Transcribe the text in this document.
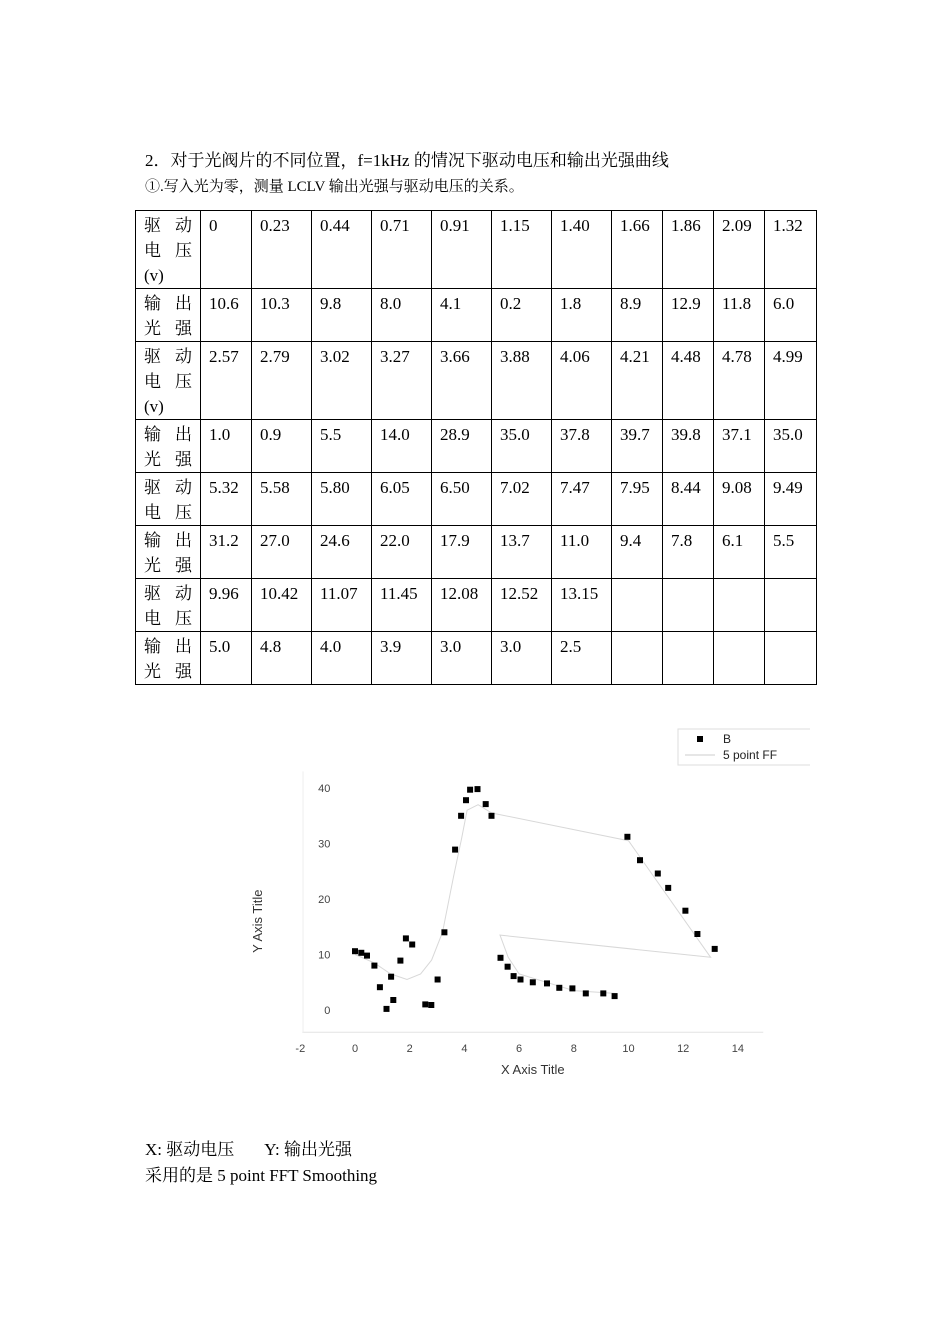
2．对于光阀片的不同位置，f=1kHz 的情况下驱动电压和输出光强曲线
①.写入光为零，测量 LCLV 输出光强与驱动电压的关系。
驱动电压(v)	0	0.23	0.44	0.71	0.91	1.15	1.40	1.66	1.86	2.09	1.32
输出光强	10.6	10.3	9.8	8.0	4.1	0.2	1.8	8.9	12.9	11.8	6.0
驱动电压(v)	2.57	2.79	3.02	3.27	3.66	3.88	4.06	4.21	4.48	4.78	4.99
输出光强	1.0	0.9	5.5	14.0	28.9	35.0	37.8	39.7	39.8	37.1	35.0
驱动电压	5.32	5.58	5.80	6.05	6.50	7.02	7.47	7.95	8.44	9.08	9.49
输出光强	31.2	27.0	24.6	22.0	17.9	13.7	11.0	9.4	7.8	6.1	5.5
驱动电压	9.96	10.42	11.07	11.45	12.08	12.52	13.15				
输出光强	5.0	4.8	4.0	3.9	3.0	3.0	2.5				
-2	0	2	4	6	8	10	12	14
0
10
20
30
40
X Axis Title
Y Axis Title
B
5 point FF
X: 驱动电压 Y: 输出光强
采用的是 5 point FFT Smoothing
